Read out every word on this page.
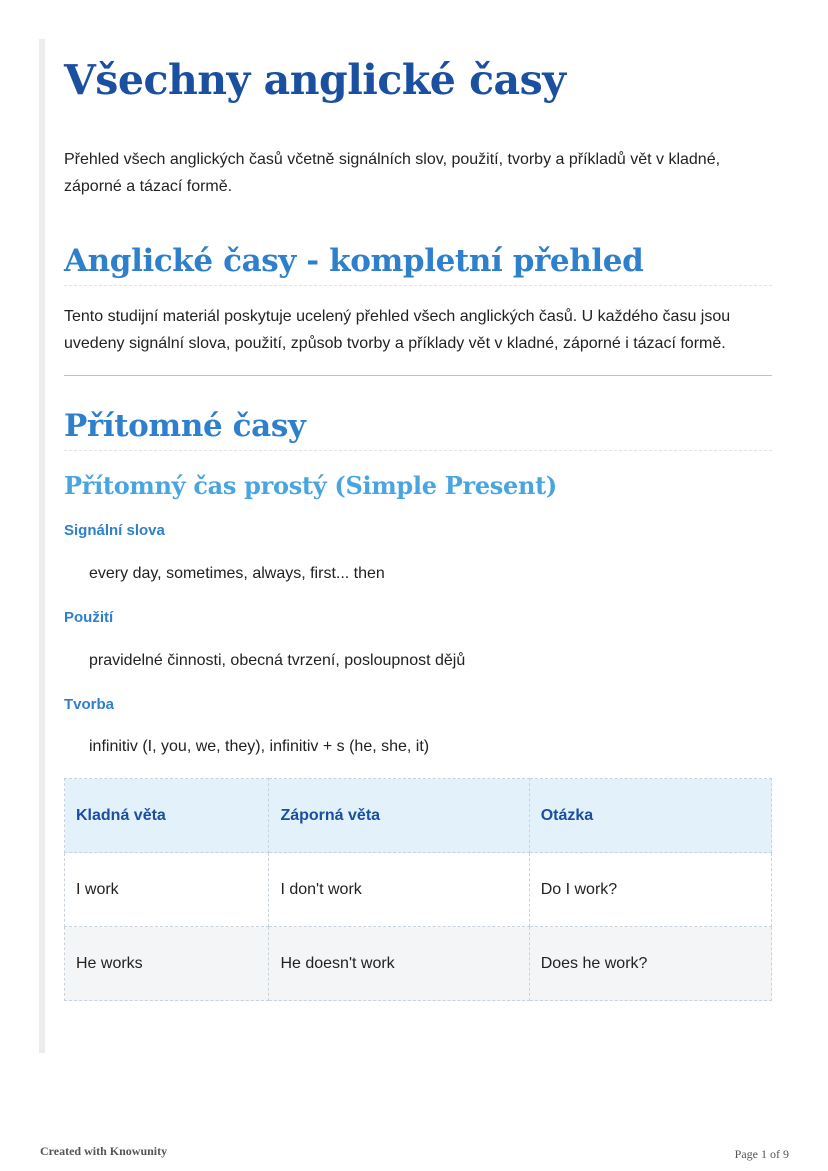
Všechny anglické časy

Přehled všech anglických časů včetně signálních slov, použití, tvorby a příkladů vět v kladné, záporné a tázací formě.

Anglické časy - kompletní přehled

Tento studijní materiál poskytuje ucelený přehled všech anglických časů. U každého času jsou uvedeny signální slova, použití, způsob tvorby a příklady vět v kladné, záporné i tázací formě.

Přítomné časy
Přítomný čas prostý (Simple Present)
Signální slova
every day, sometimes, always, first... then
Použití
pravidelné činnosti, obecná tvrzení, posloupnost dějů
Tvorba
infinitiv (I, you, we, they), infinitiv + s (he, she, it)
Kladná věta	Záporná věta	Otázka
I work	I don't work	Do I work?
He works	He doesn't work	Does he work?
Created with Knowunity	Page 1 of 9
